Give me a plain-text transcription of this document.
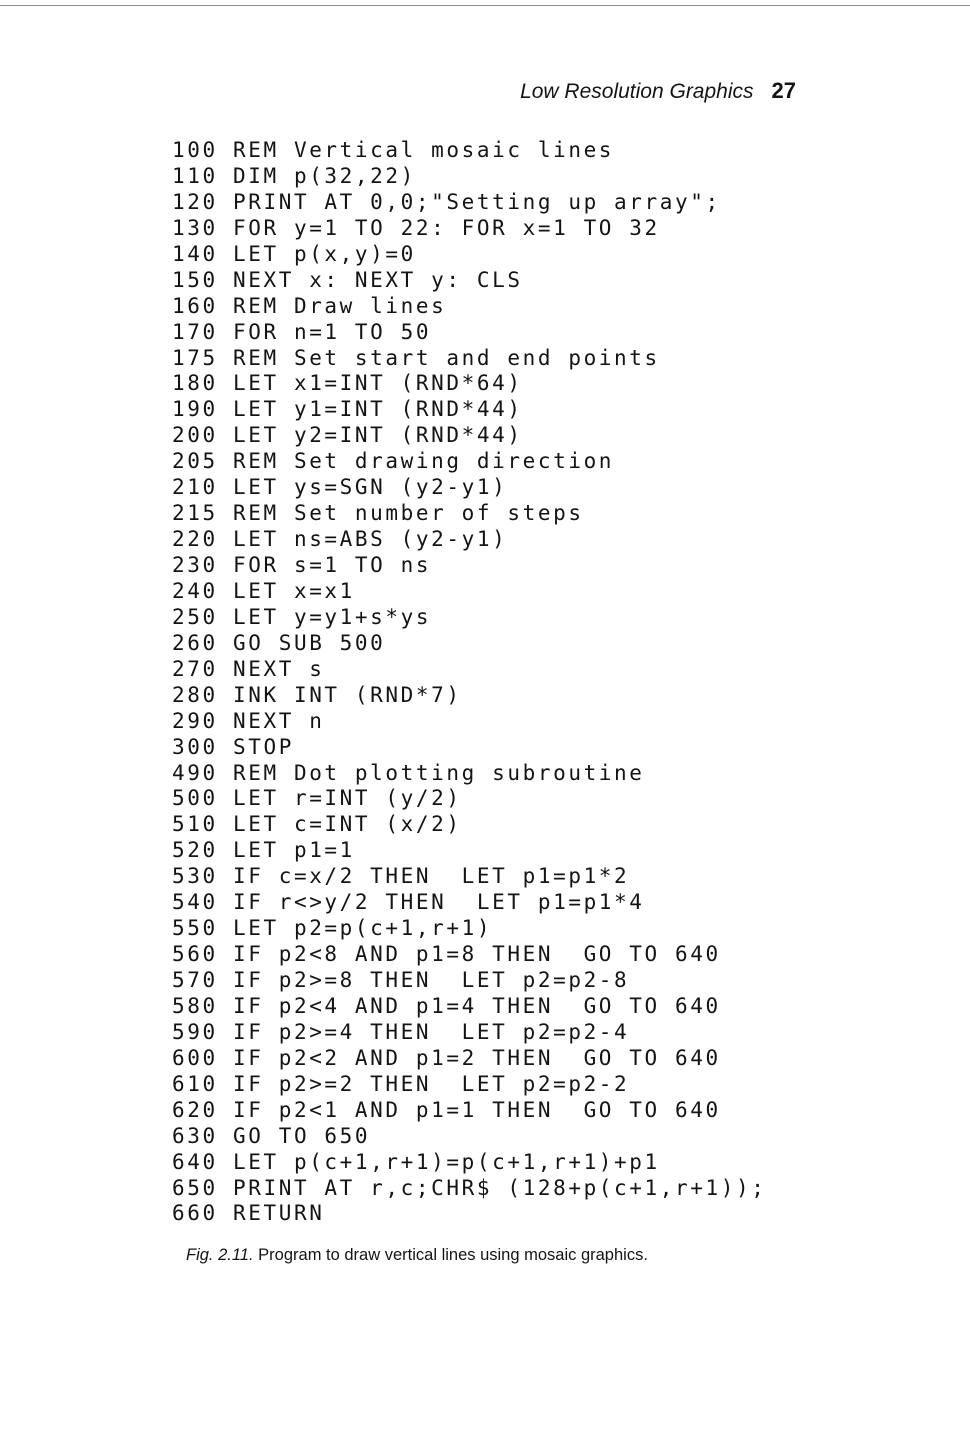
Low Resolution Graphics 27
100 REM Vertical mosaic lines
110 DIM p(32,22)
120 PRINT AT 0,0;"Setting up array";
130 FOR y=1 TO 22: FOR x=1 TO 32
140 LET p(x,y)=0
150 NEXT x: NEXT y: CLS
160 REM Draw lines
170 FOR n=1 TO 50
175 REM Set start and end points
180 LET x1=INT (RND*64)
190 LET y1=INT (RND*44)
200 LET y2=INT (RND*44)
205 REM Set drawing direction
210 LET ys=SGN (y2-y1)
215 REM Set number of steps
220 LET ns=ABS (y2-y1)
230 FOR s=1 TO ns
240 LET x=x1
250 LET y=y1+s*ys
260 GO SUB 500
270 NEXT s
280 INK INT (RND*7)
290 NEXT n
300 STOP
490 REM Dot plotting subroutine
500 LET r=INT (y/2)
510 LET c=INT (x/2)
520 LET p1=1
530 IF c=x/2 THEN  LET p1=p1*2
540 IF r<>y/2 THEN  LET p1=p1*4
550 LET p2=p(c+1,r+1)
560 IF p2<8 AND p1=8 THEN  GO TO 640
570 IF p2>=8 THEN  LET p2=p2-8
580 IF p2<4 AND p1=4 THEN  GO TO 640
590 IF p2>=4 THEN  LET p2=p2-4
600 IF p2<2 AND p1=2 THEN  GO TO 640
610 IF p2>=2 THEN  LET p2=p2-2
620 IF p2<1 AND p1=1 THEN  GO TO 640
630 GO TO 650
640 LET p(c+1,r+1)=p(c+1,r+1)+p1
650 PRINT AT r,c;CHR$ (128+p(c+1,r+1));
660 RETURN
Fig. 2.11. Program to draw vertical lines using mosaic graphics.
